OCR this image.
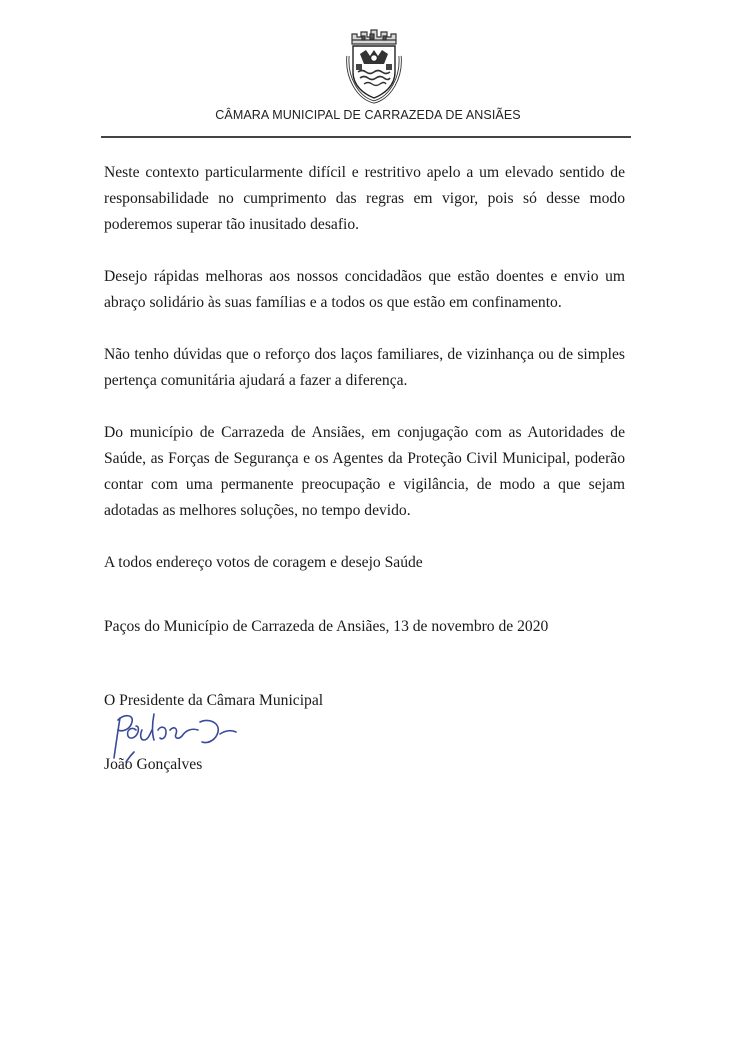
CÂMARA MUNICIPAL DE CARRAZEDA DE ANSIÃES

Neste contexto particularmente difícil e restritivo apelo a um elevado sentido de responsabilidade no cumprimento das regras em vigor, pois só desse modo poderemos superar tão inusitado desafio.

Desejo rápidas melhoras aos nossos concidadãos que estão doentes e envio um abraço solidário às suas famílias e a todos os que estão em confinamento.

Não tenho dúvidas que o reforço dos laços familiares, de vizinhança ou de simples pertença comunitária ajudará a fazer a diferença.

Do município de Carrazeda de Ansiães, em conjugação com as Autoridades de Saúde, as Forças de Segurança e os Agentes da Proteção Civil Municipal, poderão contar com uma permanente preocupação e vigilância, de modo a que sejam adotadas as melhores soluções, no tempo devido.

A todos endereço votos de coragem e desejo Saúde

Paços do Município de Carrazeda de Ansiães, 13 de novembro de 2020

O Presidente da Câmara Municipal
João Gonçalves
